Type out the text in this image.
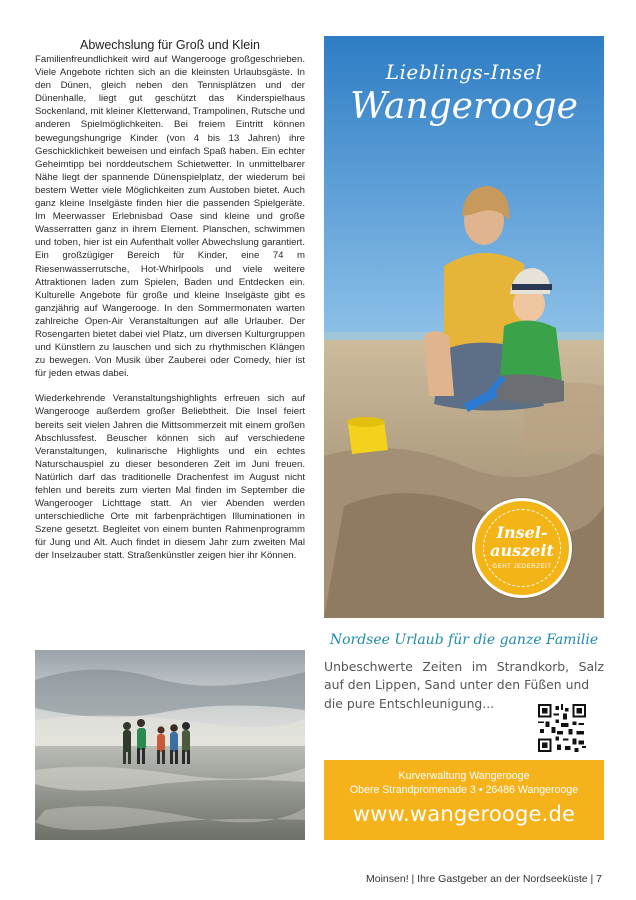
Abwechslung für Groß und Klein

Familienfreundlichkeit wird auf Wangerooge großgeschrieben. Viele Angebote richten sich an die kleinsten Urlaubsgäste. In den Dünen, gleich neben den Tennisplätzen und der Dünenhalle, liegt gut geschützt das Kinderspielhaus Sockenland, mit kleiner Kletterwand, Trampolinen, Rutsche und anderen Spielmöglichkeiten. Bei freiem Eintritt können bewegungshungrige Kinder (von 4 bis 13 Jahren) ihre Geschicklichkeit beweisen und einfach Spaß haben. Ein echter Geheimtipp bei norddeutschem Schietwetter. In unmittelbarer Nähe liegt der spannende Dünenspielplatz, der wiederum bei bestem Wetter viele Möglichkeiten zum Austoben bietet. Auch ganz kleine Inselgäste finden hier die passenden Spielgeräte. Im Meerwasser Erlebnisbad Oase sind kleine und große Wasserratten ganz in ihrem Element. Planschen, schwimmen und toben, hier ist ein Aufenthalt voller Abwechslung garantiert. Ein großzügiger Bereich für Kinder, eine 74 m Riesenwasserrutsche, Hot-Whirlpools und viele weitere Attraktionen laden zum Spielen, Baden und Entdecken ein. Kulturelle Angebote für große und kleine Inselgäste gibt es ganzjährig auf Wangerooge. In den Sommermonaten warten zahlreiche Open-Air Veranstaltungen auf alle Urlauber. Der Rosengarten bietet dabei viel Platz, um diversen Kulturgruppen und Künstlern zu lauschen und sich zu rhythmischen Klängen zu bewegen. Von Musik über Zauberei oder Comedy, hier ist für jeden etwas dabei.

Wiederkehrende Veranstaltungshighlights erfreuen sich auf Wangerooge außerdem großer Beliebtheit. Die Insel feiert bereits seit vielen Jahren die Mittsommerzeit mit einem großen Abschlussfest. Beuscher können sich auf verschiedene Veranstaltungen, kulinarische Highlights und ein echtes Naturschauspiel zu dieser besonderen Zeit im Juni freuen. Natürlich darf das traditionelle Drachenfest im August nicht fehlen und bereits zum vierten Mal finden im September die Wangerooger Lichttage statt. An vier Abenden werden unterschiedliche Orte mit farbenprächtigen Illuminationen in Szene gesetzt. Begleitet von einem bunten Rahmenprogramm für Jung und Alt. Auch findet in diesem Jahr zum zweiten Mal der Inselzauber statt. Straßenkünstler zeigen hier ihr Können.

Lieblings-Insel
Wangerooge
Insel-
auszeit
GEHT JEDERZEIT
Nordsee Urlaub für die ganze Familie
Unbeschwerte Zeiten im Strandkorb, Salz auf den Lippen, Sand unter den Füßen und
die pure Entschleunigung...
Kurverwaltung Wangerooge
Obere Strandpromenade 3 • 26486 Wangerooge
www.wangerooge.de
Moinsen! | Ihre Gastgeber an der Nordseeküste | 7
